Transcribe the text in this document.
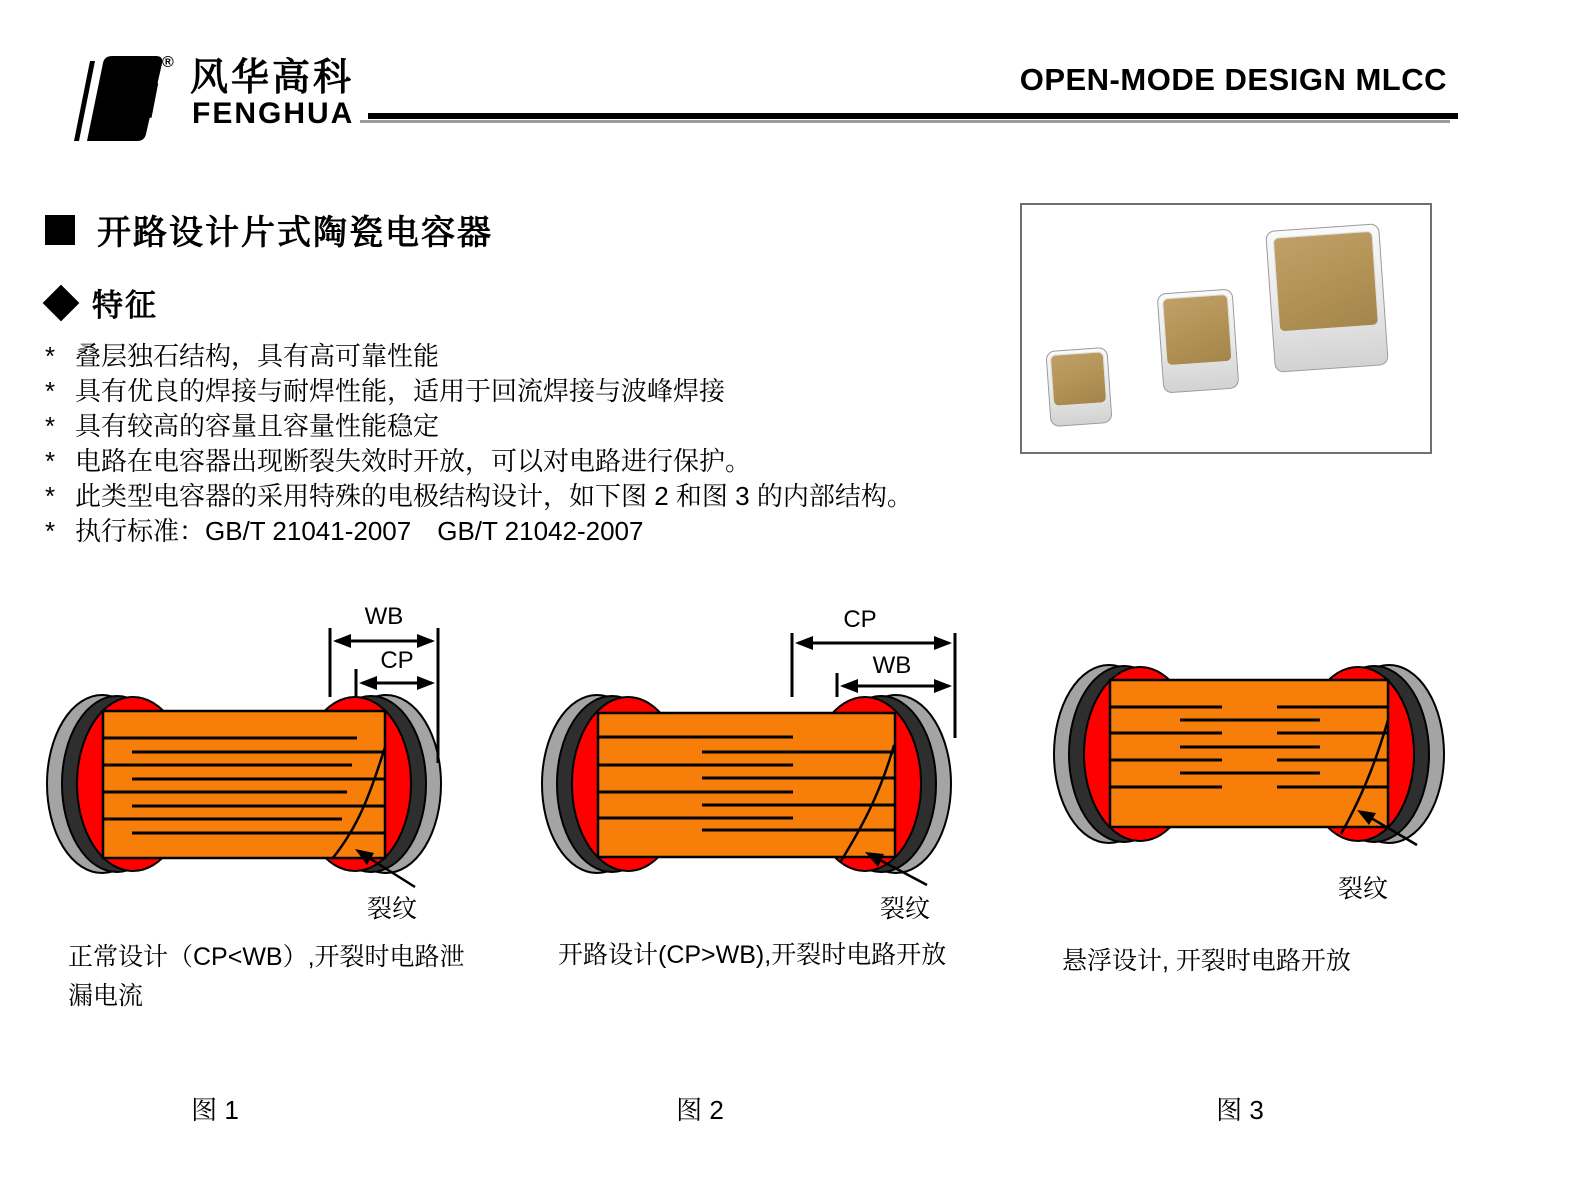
FH
® 风华高科
FENGHUA
OPEN-MODE DESIGN MLCC
开路设计片式陶瓷电容器
特征
* 叠层独石结构，具有高可靠性能
* 具有优良的焊接与耐焊性能，适用于回流焊接与波峰焊接
* 具有较高的容量且容量性能稳定
* 电路在电容器出现断裂失效时开放，可以对电路进行保护。
* 此类型电容器的采用特殊的电极结构设计，如下图 2 和图 3 的内部结构。
* 执行标准：GB/T 21041-2007　GB/T 21042-2007
WB
CP
裂纹
CP
WB
裂纹
裂纹
正常设计（CP<WB）,开裂时电路泄漏电流
开路设计(CP>WB),开裂时电路开放	悬浮设计, 开裂时电路开放
图 1	图 2	图 3
